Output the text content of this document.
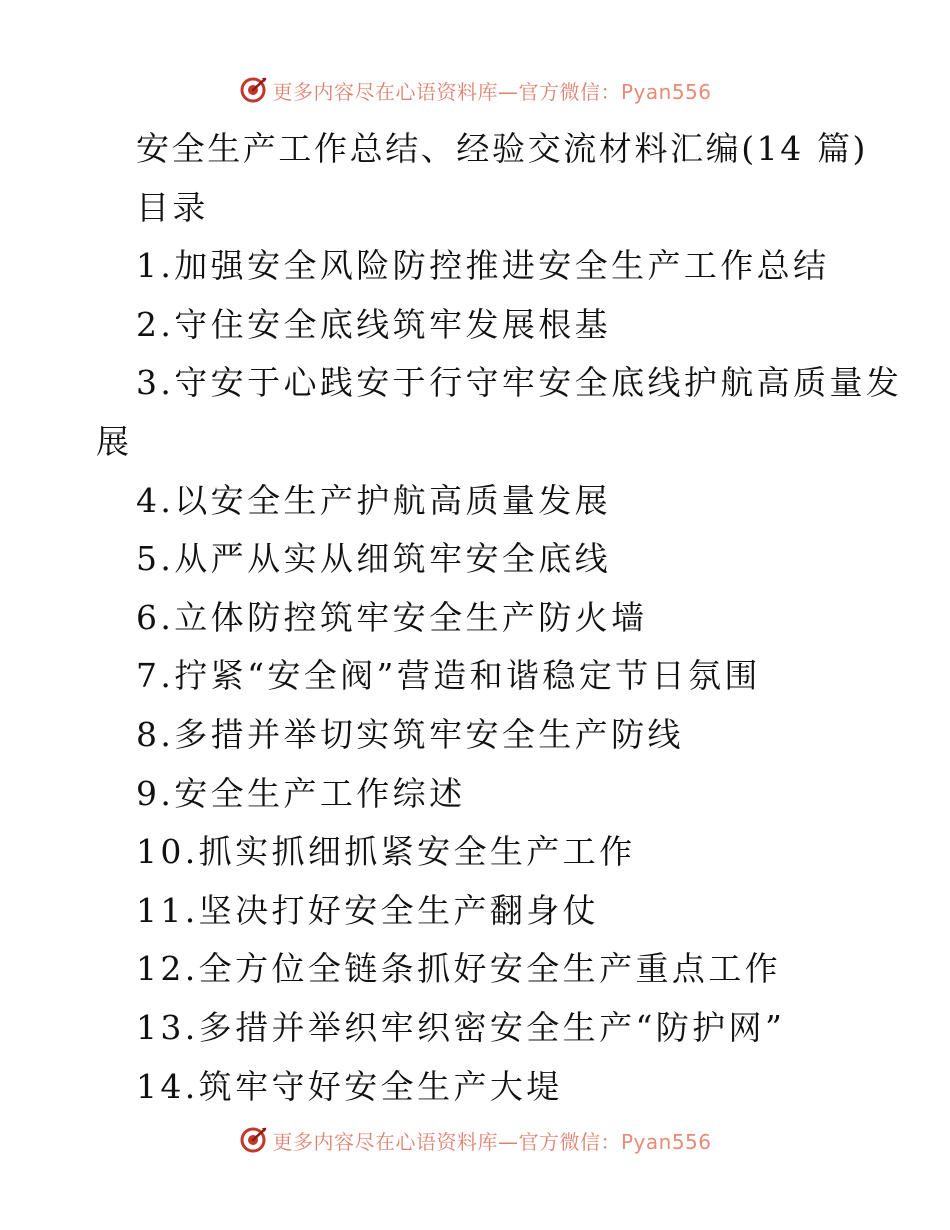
更多内容尽在心语资料库—官方微信：Pyan556
安全生产工作总结、经验交流材料汇编(14 篇)
目录
1.加强安全风险防控推进安全生产工作总结
2.守住安全底线筑牢发展根基
3.守安于心践安于行守牢安全底线护航高质量发
展
4.以安全生产护航高质量发展
5.从严从实从细筑牢安全底线
6.立体防控筑牢安全生产防火墙
7.拧紧“安全阀”营造和谐稳定节日氛围
8.多措并举切实筑牢安全生产防线
9.安全生产工作综述
10.抓实抓细抓紧安全生产工作
11.坚决打好安全生产翻身仗
12.全方位全链条抓好安全生产重点工作
13.多措并举织牢织密安全生产“防护网”
14.筑牢守好安全生产大堤
更多内容尽在心语资料库—官方微信：Pyan556
